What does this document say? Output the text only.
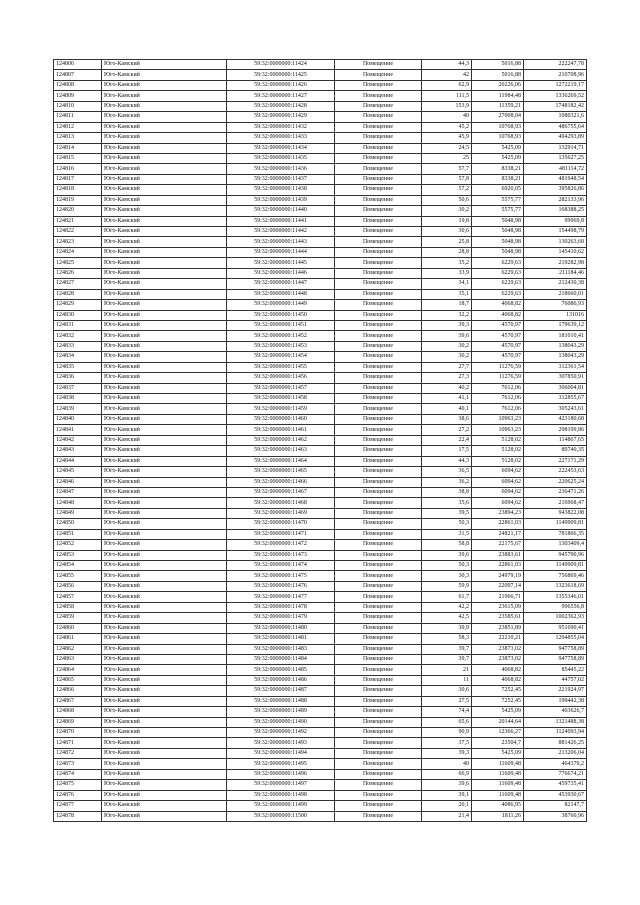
124806	Юго-Камский	59:32:0000000:11424	Помещение	44,3	5016,88	222247,78
124807	Юго-Камский	59:32:0000000:11425	Помещение	42	5016,88	210708,96
124808	Юго-Камский	59:32:0000000:11426	Помещение	62,9	20226,06	1272219,17
124809	Юго-Камский	59:32:0000000:11427	Помещение	111,5	11984,48	1336269,52
124810	Юго-Камский	59:32:0000000:11428	Помещение	153,9	11359,21	1748182,42
124811	Юго-Камский	59:32:0000000:11429	Помещение	40	27008,04	1080321,6
124812	Юго-Камский	59:32:0000000:11432	Помещение	45,2	10768,93	486755,64
124813	Юго-Камский	59:32:0000000:11433	Помещение	45,9	10768,93	494293,89
124814	Юго-Камский	59:32:0000000:11434	Помещение	24,5	5425,09	132914,71
124815	Юго-Камский	59:32:0000000:11435	Помещение	25	5425,09	135627,25
124816	Юго-Камский	59:32:0000000:11436	Помещение	57,7	8338,21	481114,72
124817	Юго-Камский	59:32:0000000:11437	Помещение	57,8	8338,21	481948,54
124818	Юго-Камский	59:32:0000000:11438	Помещение	57,2	6920,05	395826,86
124819	Юго-Камский	59:32:0000000:11439	Помещение	50,6	5575,77	282133,96
124820	Юго-Камский	59:32:0000000:11440	Помещение	30,2	5575,77	168388,25
124821	Юго-Камский	59:32:0000000:11441	Помещение	19,8	5048,98	99969,8
124822	Юго-Камский	59:32:0000000:11442	Помещение	30,6	5048,98	154498,79
124823	Юго-Камский	59:32:0000000:11443	Помещение	25,8	5048,98	130263,68
124824	Юго-Камский	59:32:0000000:11444	Помещение	28,8	5048,98	145410,62
124825	Юго-Камский	59:32:0000000:11445	Помещение	35,2	6229,63	219282,98
124826	Юго-Камский	59:32:0000000:11446	Помещение	33,9	6229,63	211184,46
124827	Юго-Камский	59:32:0000000:11447	Помещение	34,1	6229,63	212430,38
124828	Юго-Камский	59:32:0000000:11448	Помещение	35,1	6229,63	218660,01
124829	Юго-Камский	59:32:0000000:11449	Помещение	18,7	4068,82	76086,93
124830	Юго-Камский	59:32:0000000:11450	Помещение	32,2	4068,82	131016
124831	Юго-Камский	59:32:0000000:11451	Помещение	39,3	4570,97	179639,12
124832	Юго-Камский	59:32:0000000:11452	Помещение	39,6	4570,97	181010,41
124833	Юго-Камский	59:32:0000000:11453	Помещение	30,2	4570,97	138043,29
124834	Юго-Камский	59:32:0000000:11454	Помещение	30,2	4570,97	138043,29
124835	Юго-Камский	59:32:0000000:11455	Помещение	27,7	11276,59	312361,54
124836	Юго-Камский	59:32:0000000:11456	Помещение	27,3	11276,59	307850,91
124837	Юго-Камский	59:32:0000000:11457	Помещение	40,2	7612,06	306004,81
124838	Юго-Камский	59:32:0000000:11458	Помещение	41,1	7612,06	312855,67
124839	Юго-Камский	59:32:0000000:11459	Помещение	40,1	7612,06	305243,61
124840	Юго-Камский	59:32:0000000:11460	Помещение	38,6	10963,23	423180,68
124841	Юго-Камский	59:32:0000000:11461	Помещение	27,2	10963,23	298199,86
124842	Юго-Камский	59:32:0000000:11462	Помещение	22,4	5128,02	114867,65
124843	Юго-Камский	59:32:0000000:11463	Помещение	17,5	5128,02	89740,35
124844	Юго-Камский	59:32:0000000:11464	Помещение	44,3	5128,02	227171,29
124845	Юго-Камский	59:32:0000000:11465	Помещение	36,5	6094,62	222453,63
124846	Юго-Камский	59:32:0000000:11466	Помещение	36,2	6094,62	220625,24
124847	Юго-Камский	59:32:0000000:11467	Помещение	38,8	6094,62	236471,26
124848	Юго-Камский	59:32:0000000:11468	Помещение	35,6	6094,62	216968,47
124849	Юго-Камский	59:32:0000000:11469	Помещение	39,5	23894,23	943822,08
124850	Юго-Камский	59:32:0000000:11470	Помещение	50,3	22861,03	1149909,81
124851	Юго-Камский	59:32:0000000:11471	Помещение	31,5	24821,17	781866,35
124852	Юго-Камский	59:32:0000000:11472	Помещение	58,8	22175,67	1303409,4
124853	Юго-Камский	59:32:0000000:11473	Помещение	39,6	23883,61	945790,96
124854	Юго-Камский	59:32:0000000:11474	Помещение	50,3	22861,03	1149909,81
124855	Юго-Камский	59:32:0000000:11475	Помещение	30,3	24979,19	756869,46
124856	Юго-Камский	59:32:0000000:11476	Помещение	59,9	22097,14	1323618,69
124857	Юго-Камский	59:32:0000000:11477	Помещение	61,7	21966,71	1355346,01
124858	Юго-Камский	59:32:0000000:11478	Помещение	42,2	23615,09	996556,8
124859	Юго-Камский	59:32:0000000:11479	Помещение	42,5	23585,61	1002362,93
124860	Юго-Камский	59:32:0000000:11480	Помещение	39,9	23851,89	951690,41
124861	Юго-Камский	59:32:0000000:11481	Помещение	58,3	22210,21	1294855,04
124862	Юго-Камский	59:32:0000000:11483	Помещение	39,7	23873,02	947758,89
124863	Юго-Камский	59:32:0000000:11484	Помещение	39,7	23873,02	947758,89
124864	Юго-Камский	59:32:0000000:11485	Помещение	21	4068,82	85445,22
124865	Юго-Камский	59:32:0000000:11486	Помещение	11	4068,82	44757,02
124866	Юго-Камский	59:32:0000000:11487	Помещение	30,6	7252,45	221924,97
124867	Юго-Камский	59:32:0000000:11488	Помещение	27,5	7252,45	199442,38
124868	Юго-Камский	59:32:0000000:11489	Помещение	74,4	5425,09	403626,7
124869	Юго-Камский	59:32:0000000:11490	Помещение	65,6	20144,64	1321488,38
124870	Юго-Камский	59:32:0000000:11492	Помещение	90,9	12366,27	1124093,94
124871	Юго-Камский	59:32:0000000:11493	Помещение	37,5	23504,7	881426,25
124872	Юго-Камский	59:32:0000000:11494	Помещение	39,3	5425,09	213206,04
124873	Юго-Камский	59:32:0000000:11495	Помещение	40	11609,48	464379,2
124874	Юго-Камский	59:32:0000000:11496	Помещение	66,9	11609,48	776674,21
124875	Юго-Камский	59:32:0000000:11497	Помещение	39,6	11609,48	459735,41
124876	Юго-Камский	59:32:0000000:11498	Помещение	39,1	11609,48	453930,67
124877	Юго-Камский	59:32:0000000:11499	Помещение	20,1	4086,95	82147,7
124878	Юго-Камский	59:32:0000000:11500	Помещение	21,4	1811,26	38760,96
